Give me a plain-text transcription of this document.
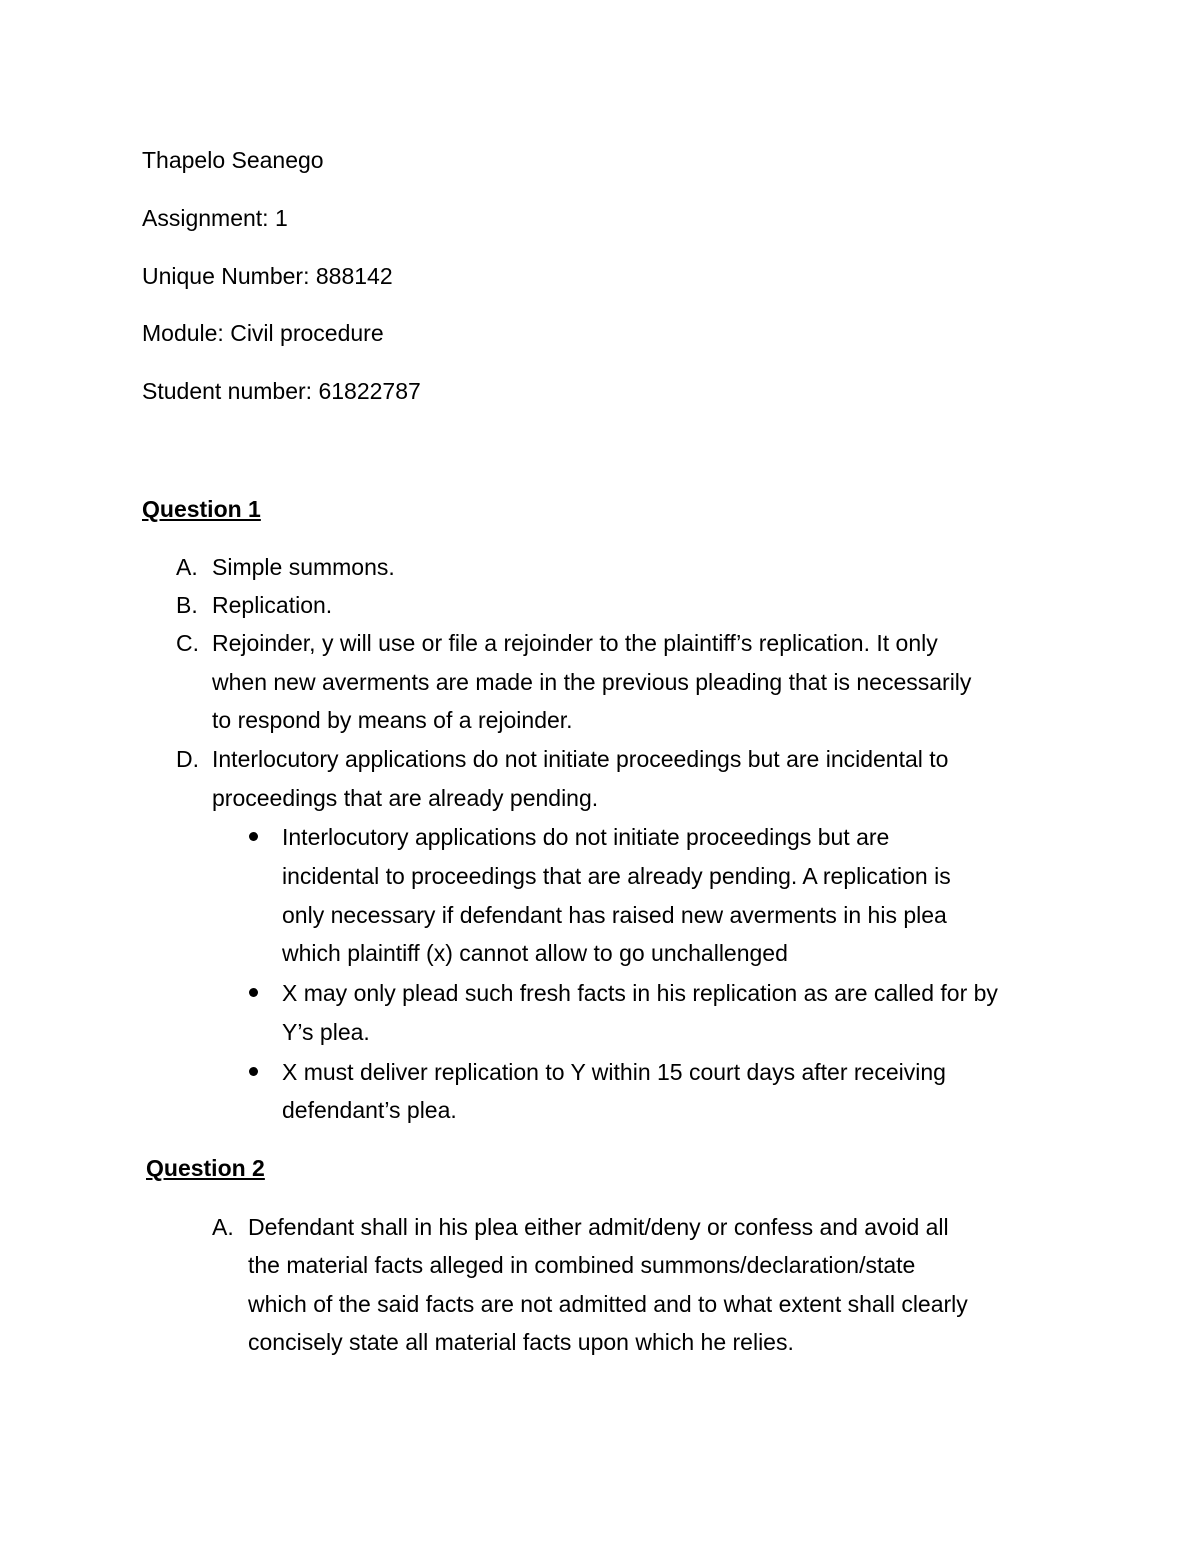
Thapelo Seanego
Assignment: 1
Unique Number: 888142
Module: Civil procedure
Student number: 61822787
Question 1
A. Simple summons.
B. Replication.
C. Rejoinder, y will use or file a rejoinder to the plaintiff’s replication. It only
when new averments are made in the previous pleading that is necessarily
to respond by means of a rejoinder.
D. Interlocutory applications do not initiate proceedings but are incidental to
proceedings that are already pending.
Interlocutory applications do not initiate proceedings but are
incidental to proceedings that are already pending. A replication is
only necessary if defendant has raised new averments in his plea
which plaintiff (x) cannot allow to go unchallenged
X may only plead such fresh facts in his replication as are called for by
Y’s plea.
X must deliver replication to Y within 15 court days after receiving
defendant’s plea.
Question 2
A. Defendant shall in his plea either admit/deny or confess and avoid all
the material facts alleged in combined summons/declaration/state
which of the said facts are not admitted and to what extent shall clearly
concisely state all material facts upon which he relies.
